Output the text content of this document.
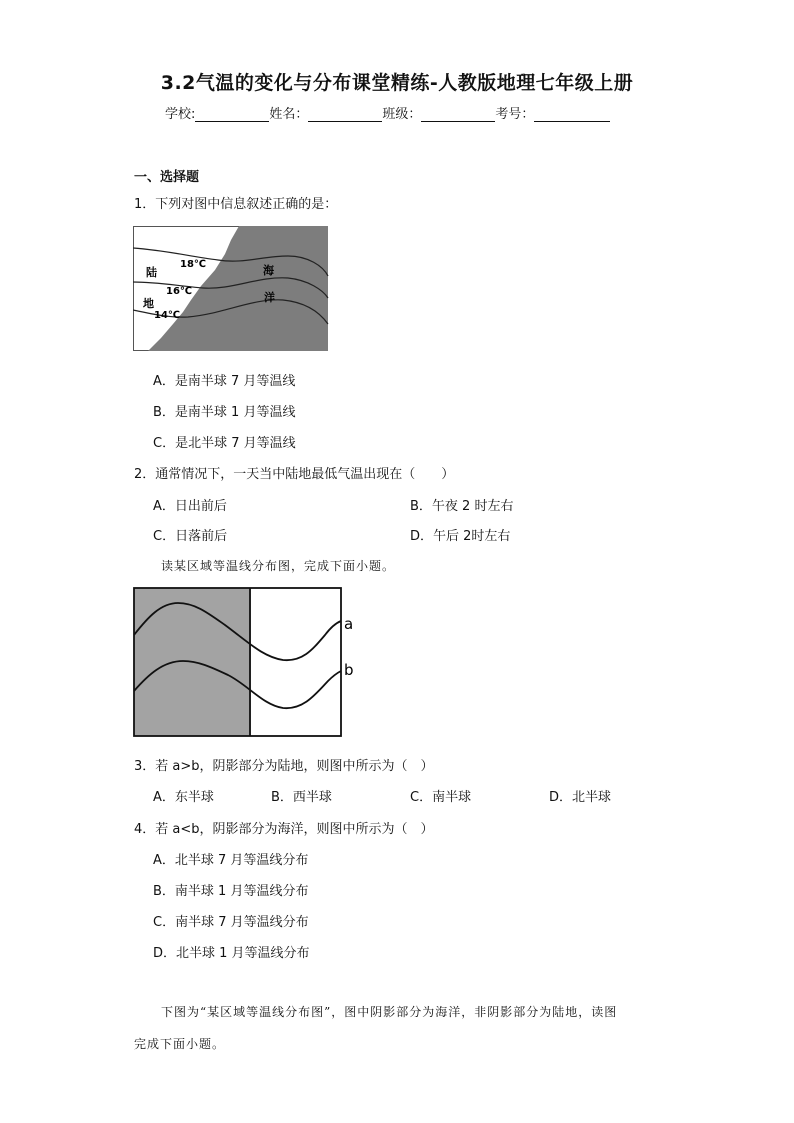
3.2气温的变化与分布课堂精练-人教版地理七年级上册
学校:	姓名：	班级：	考号：
一、选择题
1．下列对图中信息叙述正确的是：
陆
地
海
洋
18℃
16℃
14℃
A．是南半球 7 月等温线
B．是南半球 1 月等温线
C．是北半球 7 月等温线
2．通常情况下，一天当中陆地最低气温出现在（　　）
A．日出前后	B．午夜 2 时左右
C．日落前后	D．午后 2时左右
读某区域等温线分布图，完成下面小题。
a
b
3．若 a>b，阴影部分为陆地，则图中所示为（　）
A．东半球	B．西半球	C．南半球	D．北半球
4．若 a<b，阴影部分为海洋，则图中所示为（　）
A．北半球 7 月等温线分布
B．南半球 1 月等温线分布
C．南半球 7 月等温线分布
D．北半球 1 月等温线分布
下图为“某区域等温线分布图”，图中阴影部分为海洋，非阴影部分为陆地，读图
完成下面小题。
